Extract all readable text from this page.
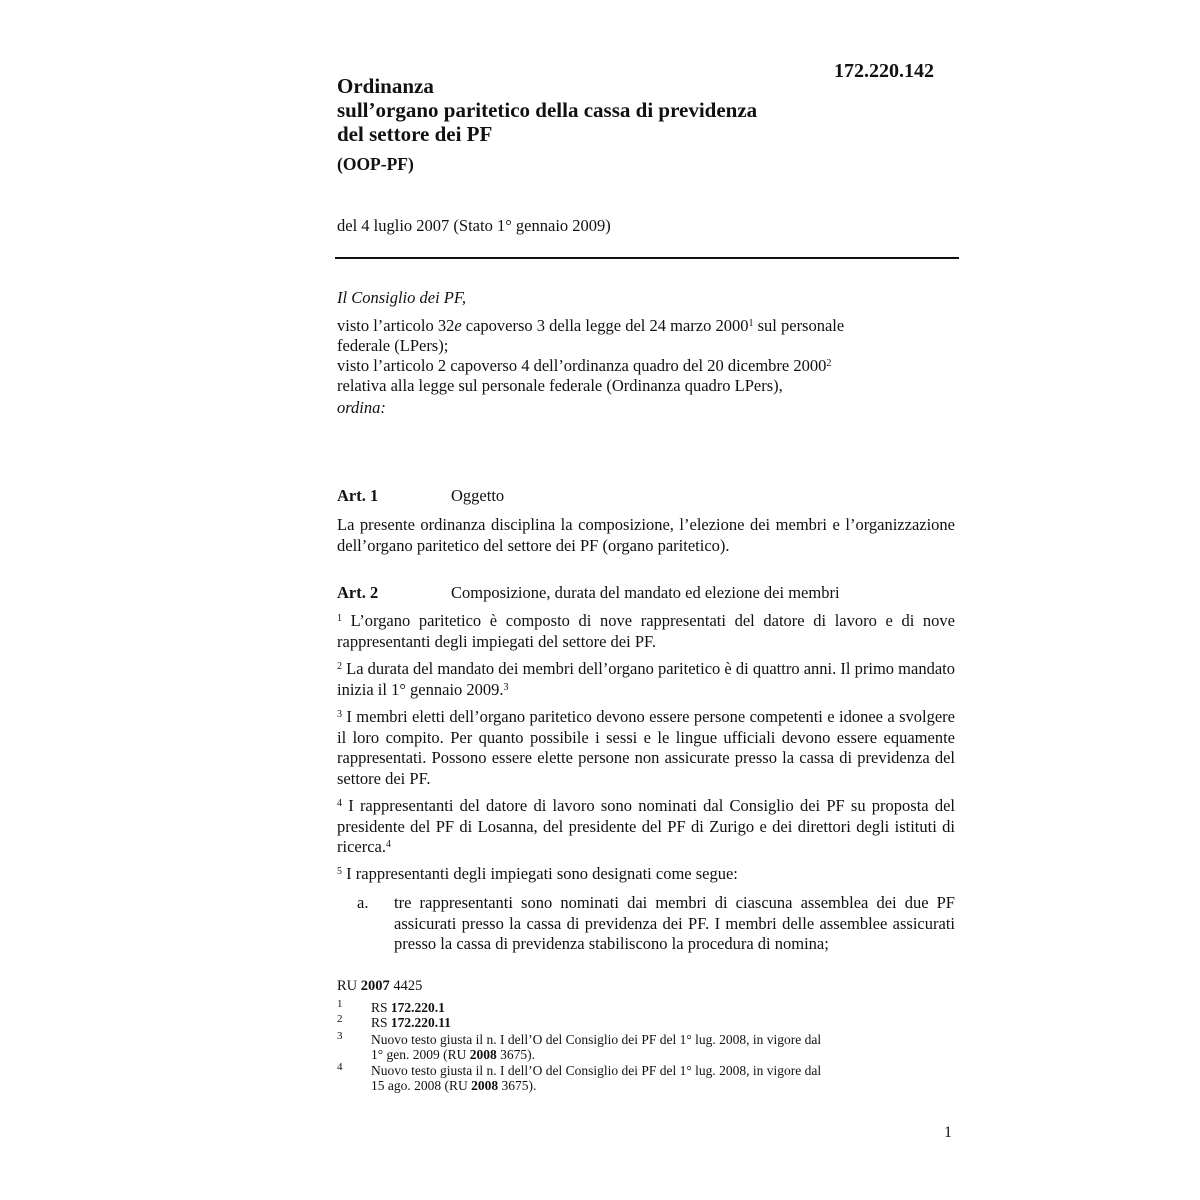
172.220.142
Ordinanza
sull’organo paritetico della cassa di previdenza
del settore dei PF
(OOP-PF)
del 4 luglio 2007 (Stato 1° gennaio 2009)
Il Consiglio dei PF,
visto l’articolo 32e capoverso 3 della legge del 24 marzo 2000$^1$ sul personale
federale (LPers);
visto l’articolo 2 capoverso 4 dell’ordinanza quadro del 20 dicembre 2000$^2$
relativa alla legge sul personale federale (Ordinanza quadro LPers),
ordina:
Art. 1	Oggetto
La presente ordinanza disciplina la composizione, l’elezione dei membri e l’organizzazione dell’organo paritetico del settore dei PF (organo paritetico).
Art. 2	Composizione, durata del mandato ed elezione dei membri
$^1$ L’organo paritetico è composto di nove rappresentati del datore di lavoro e di nove rappresentanti degli impiegati del settore dei PF.
$^2$ La durata del mandato dei membri dell’organo paritetico è di quattro anni. Il primo mandato inizia il 1° gennaio 2009.$^3$
$^3$ I membri eletti dell’organo paritetico devono essere persone competenti e idonee a svolgere il loro compito. Per quanto possibile i sessi e le lingue ufficiali devono essere equamente rappresentati. Possono essere elette persone non assicurate presso la cassa di previdenza del settore dei PF.
$^4$ I rappresentanti del datore di lavoro sono nominati dal Consiglio dei PF su proposta del presidente del PF di Losanna, del presidente del PF di Zurigo e dei direttori degli istituti di ricerca.$^4$
$^5$ I rappresentanti degli impiegati sono designati come segue:
a. tre rappresentanti sono nominati dai membri di ciascuna assemblea dei due PF assicurati presso la cassa di previdenza dei PF. I membri delle assemblee assicurati presso la cassa di previdenza stabiliscono la procedura di nomina;
RU 2007 4425
1 RS 172.220.1
2 RS 172.220.11
3 Nuovo testo giusta il n. I dell’O del Consiglio dei PF del 1° lug. 2008, in vigore dal
1° gen. 2009 (RU 2008 3675).
4 Nuovo testo giusta il n. I dell’O del Consiglio dei PF del 1° lug. 2008, in vigore dal
15 ago. 2008 (RU 2008 3675).
1
